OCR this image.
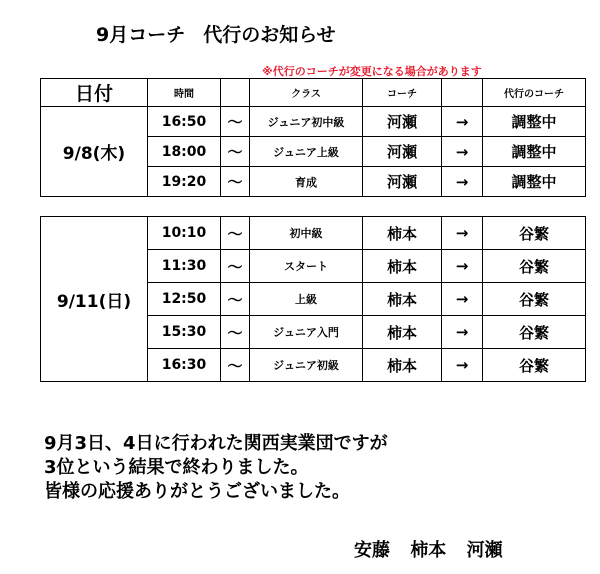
9月コーチ 代行のお知らせ
※代行のコーチが変更になる場合があります
日付	時間		クラス	コーチ		代行のコーチ
9/8(木)	16:50	〜	ジュニア初中級	河瀬	→	調整中
	18:00	〜	ジュニア上級	河瀬	→	調整中
	19:20	〜	育成	河瀬	→	調整中
9/11(日)	10:10	〜	初中級	柿本	→	谷繁
	11:30	〜	スタート	柿本	→	谷繁
	12:50	〜	上級	柿本	→	谷繁
	15:30	〜	ジュニア入門	柿本	→	谷繁
	16:30	〜	ジュニア初級	柿本	→	谷繁
9月3日、4日に行われた関西実業団ですが
3位という結果で終わりました。
皆様の応援ありがとうございました。
安藤 柿本 河瀬
